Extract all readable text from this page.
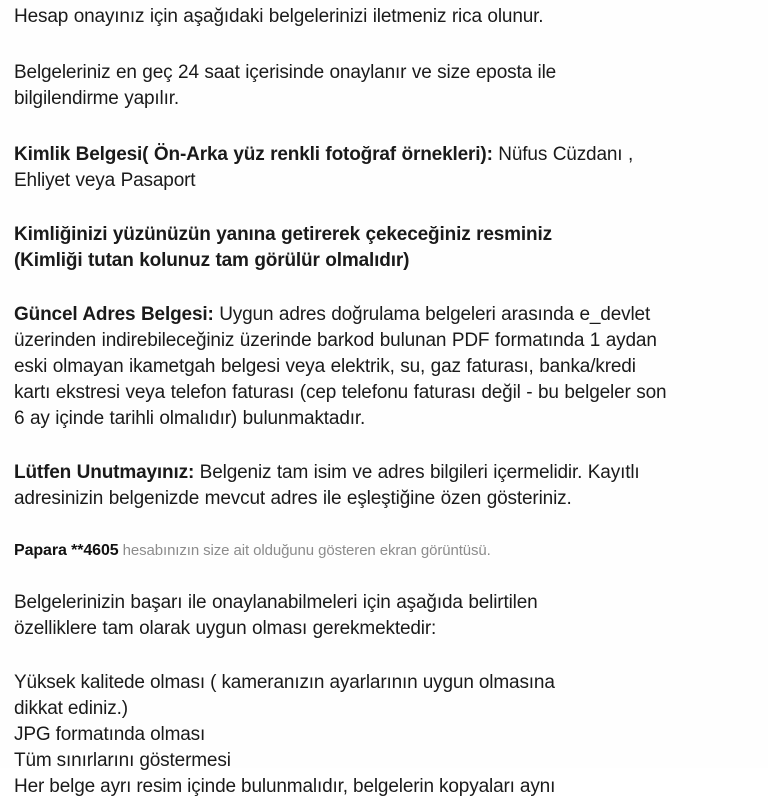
Hesap onayınız için aşağıdaki belgelerinizi iletmeniz rica olunur.

Belgeleriniz en geç 24 saat içerisinde onaylanır ve size eposta ile
bilgilendirme yapılır.

Kimlik Belgesi( Ön-Arka yüz renkli fotoğraf örnekleri): Nüfus Cüzdanı , Ehliyet veya Pasaport

Kimliğinizi yüzünüzün yanına getirerek çekeceğiniz resminiz
(Kimliği tutan kolunuz tam görülür olmalıdır)

Güncel Adres Belgesi: Uygun adres doğrulama belgeleri arasında e_devlet üzerinden indirebileceğiniz üzerinde barkod bulunan PDF formatında 1 aydan eski olmayan ikametgah belgesi veya elektrik, su, gaz faturası, banka/kredi kartı ekstresi veya telefon faturası (cep telefonu faturası değil - bu belgeler son 6 ay içinde tarihli olmalıdır) bulunmaktadır.

Lütfen Unutmayınız: Belgeniz tam isim ve adres bilgileri içermelidir. Kayıtlı adresinizin belgenizde mevcut adres ile eşleştiğine özen gösteriniz.

Papara **4605 hesabınızın size ait olduğunu gösteren ekran görüntüsü.

Belgelerinizin başarı ile onaylanabilmeleri için aşağıda belirtilen
özelliklere tam olarak uygun olması gerekmektedir:

Yüksek kalitede olması ( kameranızın ayarlarının uygun olmasına
dikkat ediniz.)
JPG formatında olması
Tüm sınırlarını göstermesi
Her belge ayrı resim içinde bulunmalıdır, belgelerin kopyaları aynı
